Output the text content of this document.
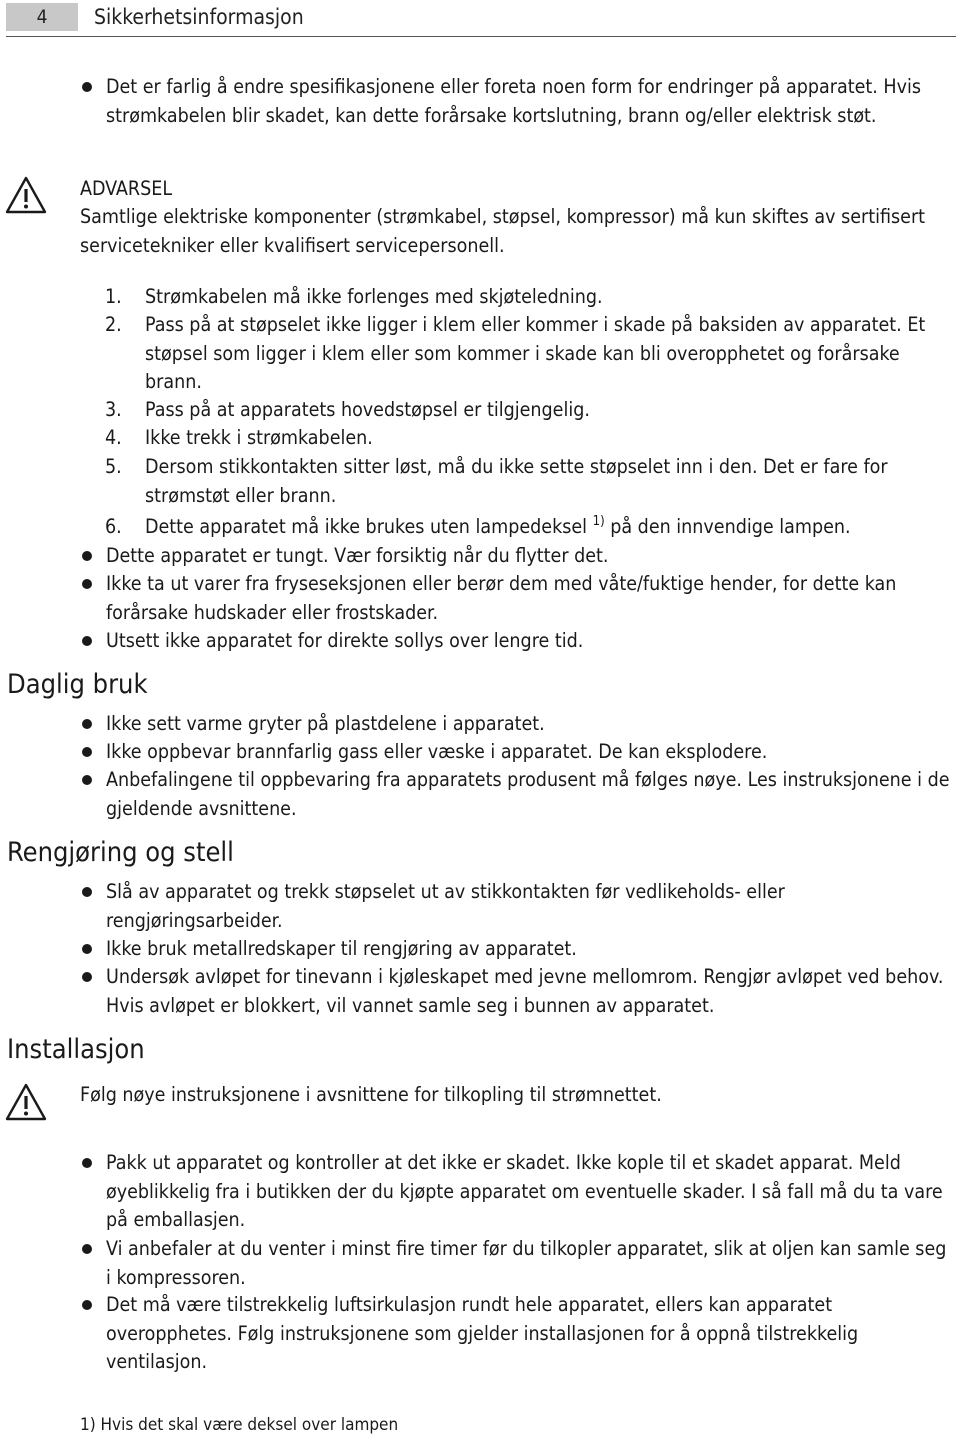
4	Sikkerhetsinformasjon
Det er farlig å endre spesifikasjonene eller foreta noen form for endringer på apparatet. Hvis strømkabelen blir skadet, kan dette forårsake kortslutning, brann og/eller elektrisk støt.
ADVARSEL
Samtlige elektriske komponenter (strømkabel, støpsel, kompressor) må kun skiftes av sertifisert servicetekniker eller kvalifisert servicepersonell.
1.	Strømkabelen må ikke forlenges med skjøteledning.
2.	Pass på at støpselet ikke ligger i klem eller kommer i skade på baksiden av apparatet. Et støpsel som ligger i klem eller som kommer i skade kan bli overopphetet og forårsake brann.
3.	Pass på at apparatets hovedstøpsel er tilgjengelig.
4.	Ikke trekk i strømkabelen.
5.	Dersom stikkontakten sitter løst, må du ikke sette støpselet inn i den. Det er fare for strømstøt eller brann.
6.	Dette apparatet må ikke brukes uten lampedeksel $^{1)}$ på den innvendige lampen.
Dette apparatet er tungt. Vær forsiktig når du flytter det.
Ikke ta ut varer fra fryseseksjonen eller berør dem med våte/fuktige hender, for dette kan forårsake hudskader eller frostskader.
Utsett ikke apparatet for direkte sollys over lengre tid.
Daglig bruk
Ikke sett varme gryter på plastdelene i apparatet.
Ikke oppbevar brannfarlig gass eller væske i apparatet. De kan eksplodere.
Anbefalingene til oppbevaring fra apparatets produsent må følges nøye. Les instruksjonene i de gjeldende avsnittene.
Rengjøring og stell
Slå av apparatet og trekk støpselet ut av stikkontakten før vedlikeholds- eller rengjøringsarbeider.
Ikke bruk metallredskaper til rengjøring av apparatet.
Undersøk avløpet for tinevann i kjøleskapet med jevne mellomrom. Rengjør avløpet ved behov. Hvis avløpet er blokkert, vil vannet samle seg i bunnen av apparatet.
Installasjon
Følg nøye instruksjonene i avsnittene for tilkopling til strømnettet.
Pakk ut apparatet og kontroller at det ikke er skadet. Ikke kople til et skadet apparat. Meld øyeblikkelig fra i butikken der du kjøpte apparatet om eventuelle skader. I så fall må du ta vare på emballasjen.
Vi anbefaler at du venter i minst fire timer før du tilkopler apparatet, slik at oljen kan samle seg i kompressoren.
Det må være tilstrekkelig luftsirkulasjon rundt hele apparatet, ellers kan apparatet overopphetes. Følg instruksjonene som gjelder installasjonen for å oppnå tilstrekkelig ventilasjon.
1) Hvis det skal være deksel over lampen
